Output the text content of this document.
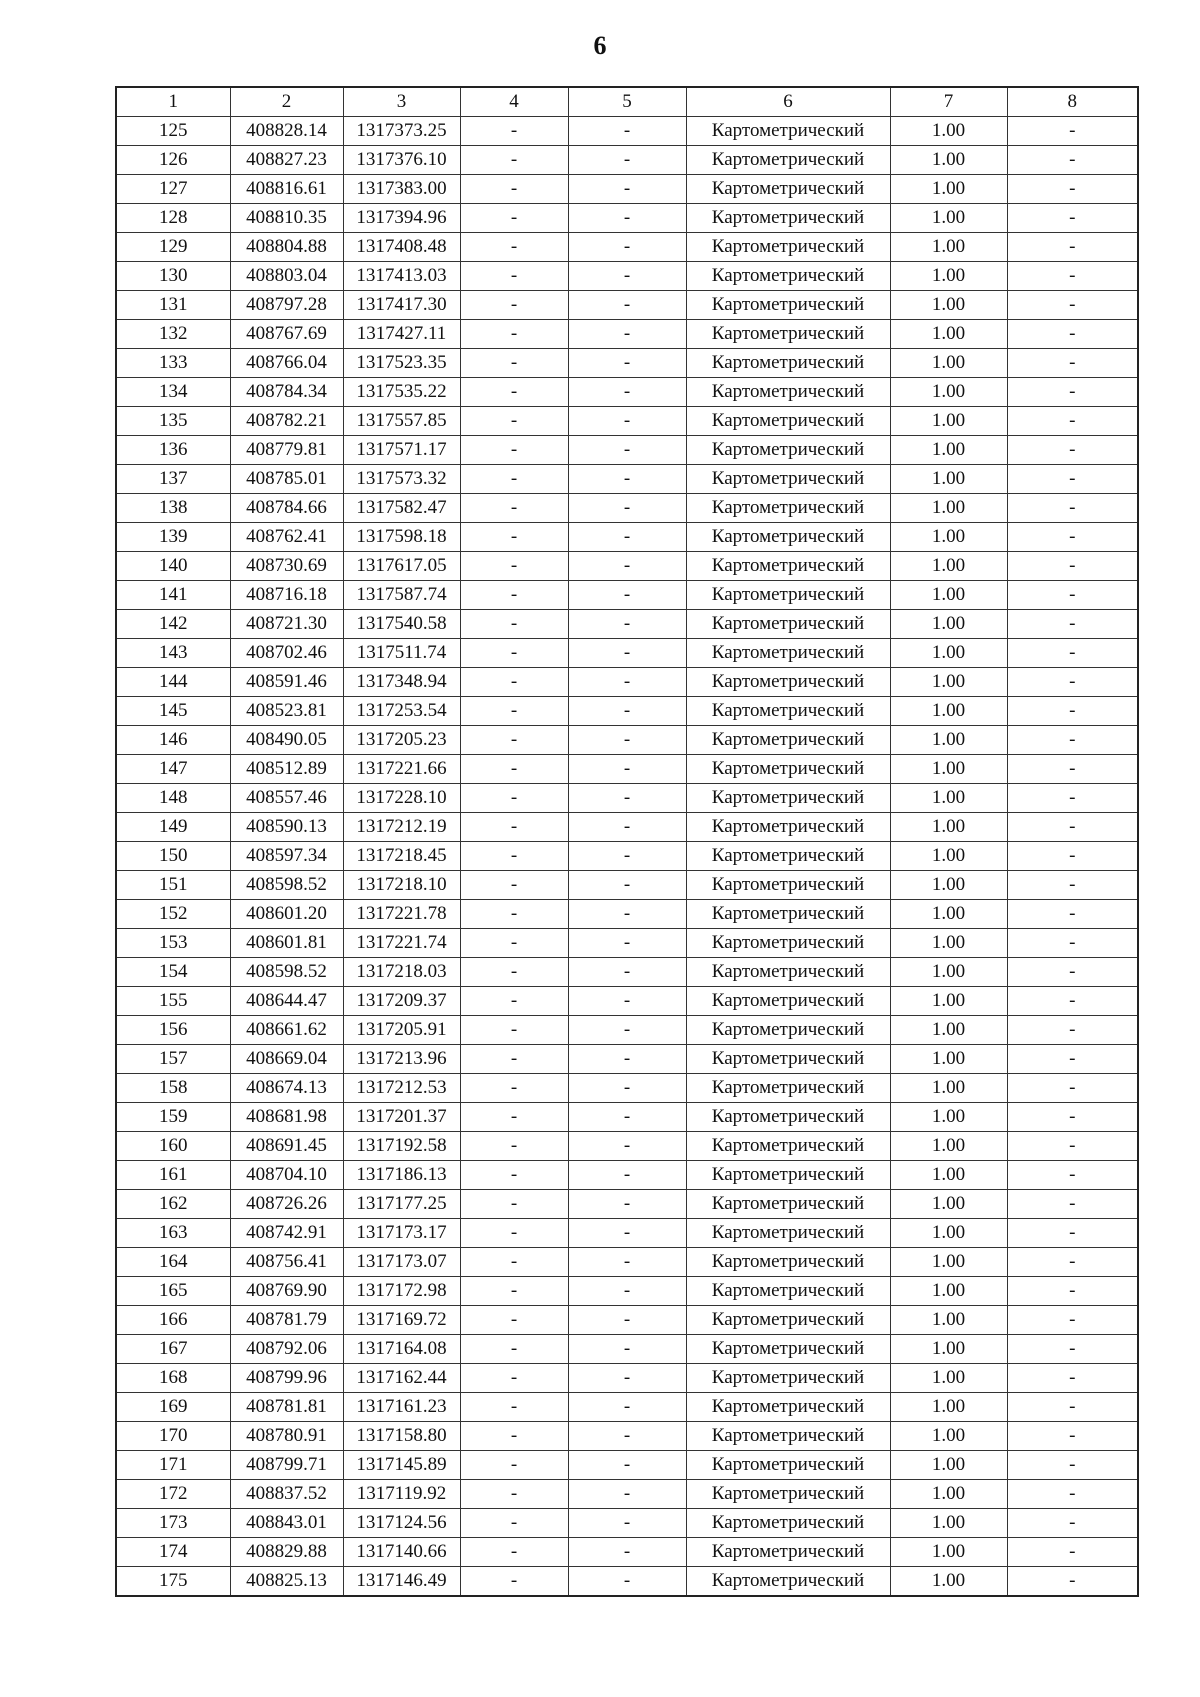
6
1	2	3	4	5	6	7	8
125	408828.14	1317373.25	-	-	Картометрический	1.00	-
126	408827.23	1317376.10	-	-	Картометрический	1.00	-
127	408816.61	1317383.00	-	-	Картометрический	1.00	-
128	408810.35	1317394.96	-	-	Картометрический	1.00	-
129	408804.88	1317408.48	-	-	Картометрический	1.00	-
130	408803.04	1317413.03	-	-	Картометрический	1.00	-
131	408797.28	1317417.30	-	-	Картометрический	1.00	-
132	408767.69	1317427.11	-	-	Картометрический	1.00	-
133	408766.04	1317523.35	-	-	Картометрический	1.00	-
134	408784.34	1317535.22	-	-	Картометрический	1.00	-
135	408782.21	1317557.85	-	-	Картометрический	1.00	-
136	408779.81	1317571.17	-	-	Картометрический	1.00	-
137	408785.01	1317573.32	-	-	Картометрический	1.00	-
138	408784.66	1317582.47	-	-	Картометрический	1.00	-
139	408762.41	1317598.18	-	-	Картометрический	1.00	-
140	408730.69	1317617.05	-	-	Картометрический	1.00	-
141	408716.18	1317587.74	-	-	Картометрический	1.00	-
142	408721.30	1317540.58	-	-	Картометрический	1.00	-
143	408702.46	1317511.74	-	-	Картометрический	1.00	-
144	408591.46	1317348.94	-	-	Картометрический	1.00	-
145	408523.81	1317253.54	-	-	Картометрический	1.00	-
146	408490.05	1317205.23	-	-	Картометрический	1.00	-
147	408512.89	1317221.66	-	-	Картометрический	1.00	-
148	408557.46	1317228.10	-	-	Картометрический	1.00	-
149	408590.13	1317212.19	-	-	Картометрический	1.00	-
150	408597.34	1317218.45	-	-	Картометрический	1.00	-
151	408598.52	1317218.10	-	-	Картометрический	1.00	-
152	408601.20	1317221.78	-	-	Картометрический	1.00	-
153	408601.81	1317221.74	-	-	Картометрический	1.00	-
154	408598.52	1317218.03	-	-	Картометрический	1.00	-
155	408644.47	1317209.37	-	-	Картометрический	1.00	-
156	408661.62	1317205.91	-	-	Картометрический	1.00	-
157	408669.04	1317213.96	-	-	Картометрический	1.00	-
158	408674.13	1317212.53	-	-	Картометрический	1.00	-
159	408681.98	1317201.37	-	-	Картометрический	1.00	-
160	408691.45	1317192.58	-	-	Картометрический	1.00	-
161	408704.10	1317186.13	-	-	Картометрический	1.00	-
162	408726.26	1317177.25	-	-	Картометрический	1.00	-
163	408742.91	1317173.17	-	-	Картометрический	1.00	-
164	408756.41	1317173.07	-	-	Картометрический	1.00	-
165	408769.90	1317172.98	-	-	Картометрический	1.00	-
166	408781.79	1317169.72	-	-	Картометрический	1.00	-
167	408792.06	1317164.08	-	-	Картометрический	1.00	-
168	408799.96	1317162.44	-	-	Картометрический	1.00	-
169	408781.81	1317161.23	-	-	Картометрический	1.00	-
170	408780.91	1317158.80	-	-	Картометрический	1.00	-
171	408799.71	1317145.89	-	-	Картометрический	1.00	-
172	408837.52	1317119.92	-	-	Картометрический	1.00	-
173	408843.01	1317124.56	-	-	Картометрический	1.00	-
174	408829.88	1317140.66	-	-	Картометрический	1.00	-
175	408825.13	1317146.49	-	-	Картометрический	1.00	-
